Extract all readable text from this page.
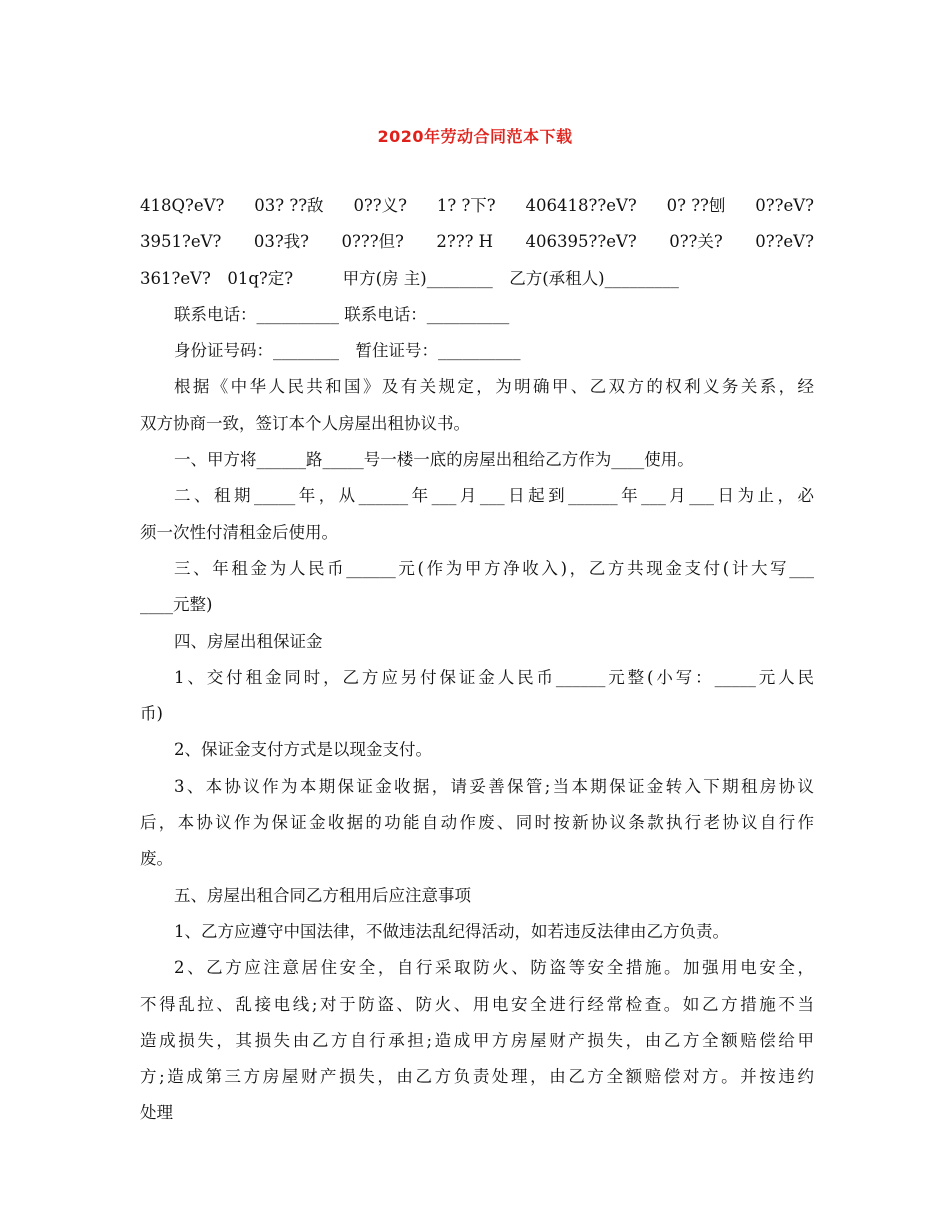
2020年劳动合同范本下载
418Q?eV? 03? ??敌 0??义? 1? ?下? 406418??eV? 0? ??刨 0??eV?
3951?eV? 03?我? 0???但? 2??? H 406395??eV? 0??关? 0??eV?
361?eV?　01q?定?　　　甲方(房 主)________　乙方(承租人)_________
联系电话：__________ 联系电话：__________
身份证号码：________　暂住证号：__________
根据《中华人民共和国》及有关规定，为明确甲、乙双方的权利义务关系，经
双方协商一致，签订本个人房屋出租协议书。
一、甲方将______路_____号一楼一底的房屋出租给乙方作为____使用。
二、租期_____年，从______年___月___日起到______年___月___日为止，必
须一次性付清租金后使用。
三、年租金为人民币______元(作为甲方净收入)，乙方共现金支付(计大写___
____元整)
四、房屋出租保证金
1、交付租金同时，乙方应另付保证金人民币______元整(小写：_____元人民
币)
2、保证金支付方式是以现金支付。
3、本协议作为本期保证金收据，请妥善保管;当本期保证金转入下期租房协议
后，本协议作为保证金收据的功能自动作废、同时按新协议条款执行老协议自行作
废。
五、房屋出租合同乙方租用后应注意事项
1、乙方应遵守中国法律，不做违法乱纪得活动，如若违反法律由乙方负责。
2、乙方应注意居住安全，自行采取防火、防盗等安全措施。加强用电安全，
不得乱拉、乱接电线;对于防盗、防火、用电安全进行经常检查。如乙方措施不当
造成损失，其损失由乙方自行承担;造成甲方房屋财产损失，由乙方全额赔偿给甲
方;造成第三方房屋财产损失，由乙方负责处理，由乙方全额赔偿对方。并按违约
处理
